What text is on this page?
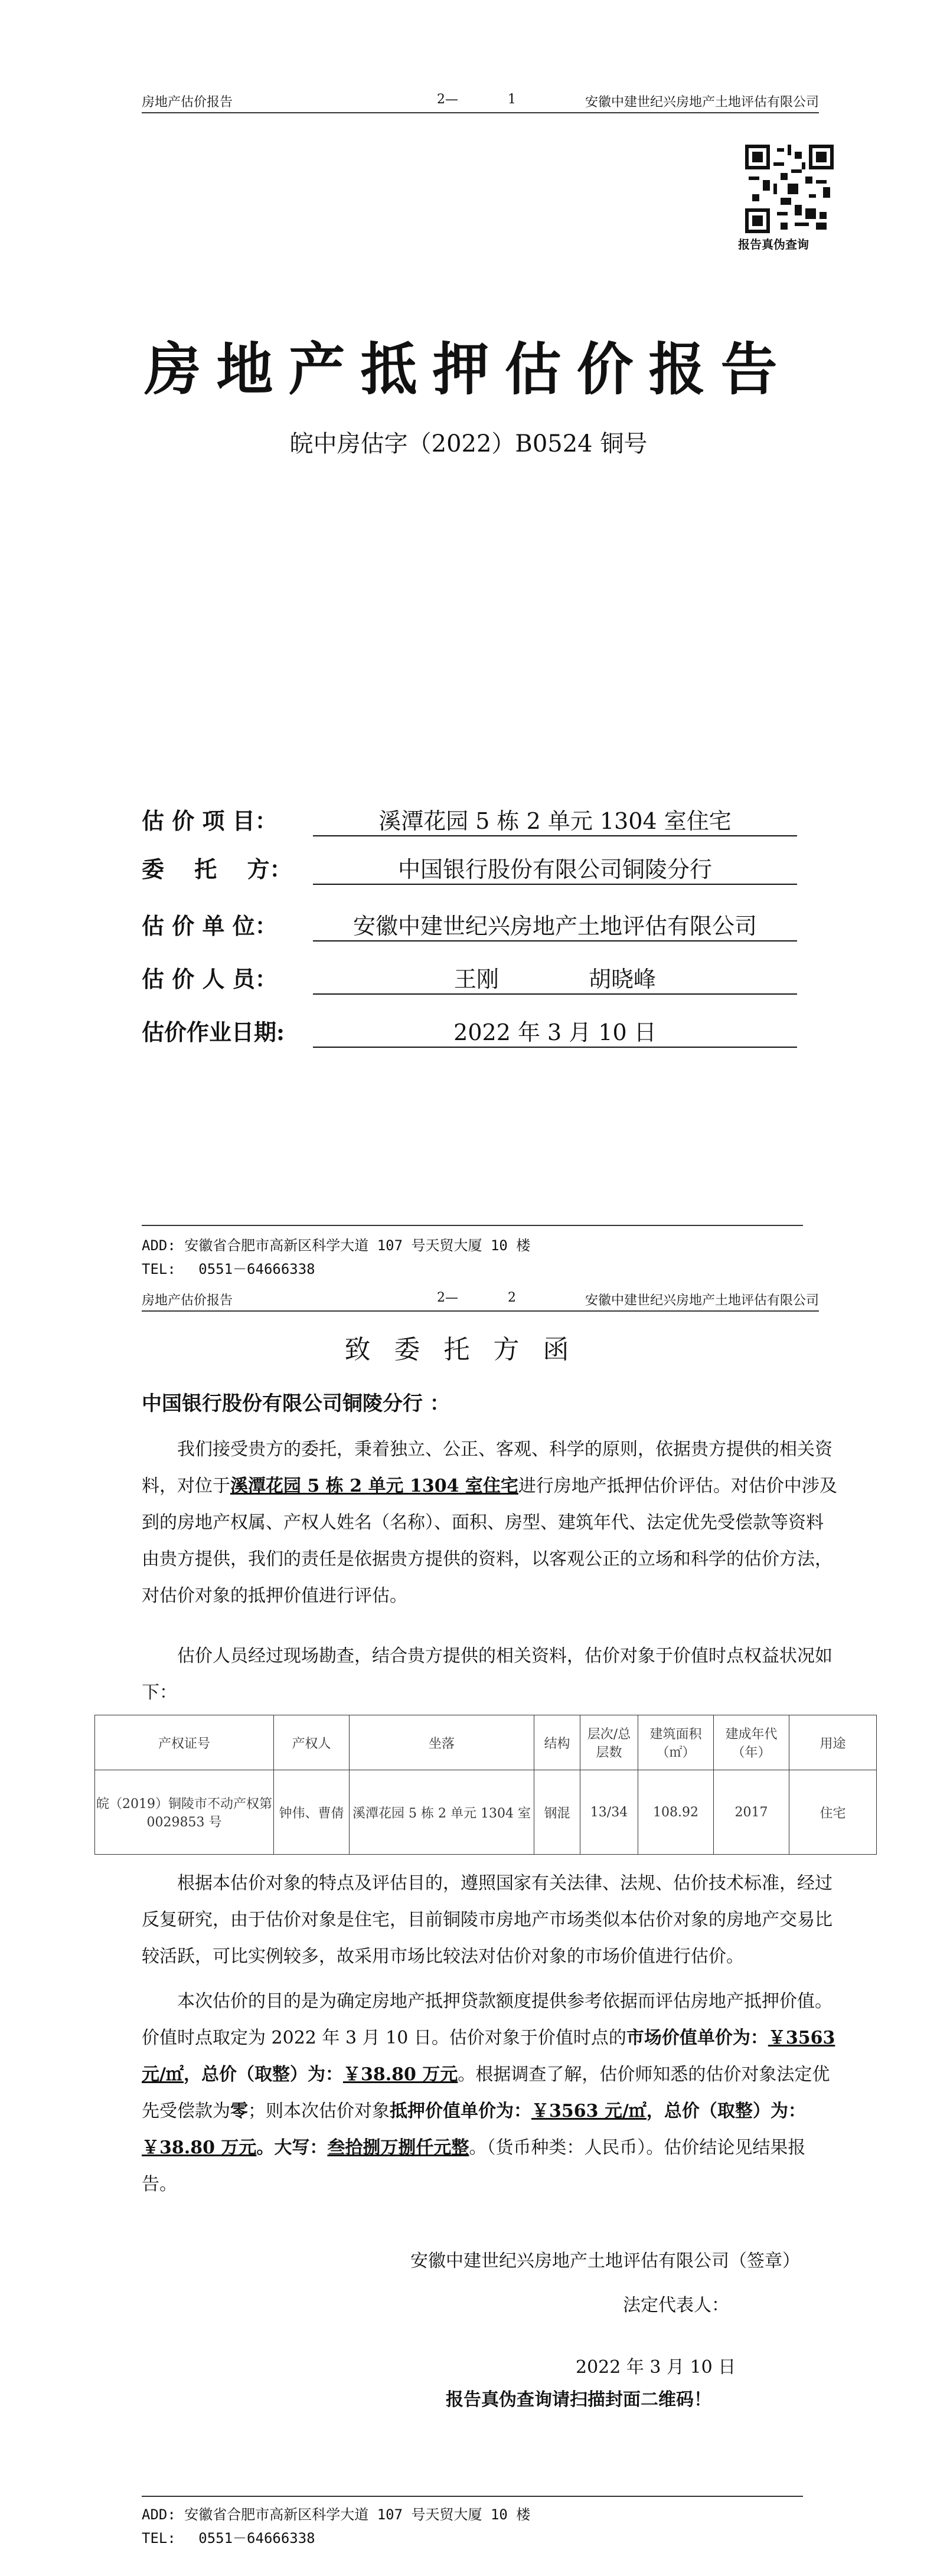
房地产估价报告	2—	1	安徽中建世纪兴房地产土地评估有限公司
报告真伪查询
房地产抵押估价报告
皖中房估字（2022）B0524 铜号
估 价 项 目：	溪潭花园 5 栋 2 单元 1304 室住宅
委　 托　 方：	中国银行股份有限公司铜陵分行
估 价 单 位：	安徽中建世纪兴房地产土地评估有限公司
估 价 人 员：	王刚　　　　胡晓峰
估价作业日期:	2022 年 3 月 10 日
ADD: 安徽省合肥市高新区科学大道 107 号天贸大厦 10 楼
TEL:　 0551－64666338
房地产估价报告	2—	2	安徽中建世纪兴房地产土地评估有限公司
致委托方函
中国银行股份有限公司铜陵分行 ：
我们接受贵方的委托，秉着独立、公正、客观、科学的原则，依据贵方提供的相关资料，对位于溪潭花园 5 栋 2 单元 1304 室住宅进行房地产抵押估价评估。对估价中涉及到的房地产权属、产权人姓名（名称）、面积、房型、建筑年代、法定优先受偿款等资料由贵方提供，我们的责任是依据贵方提供的资料，以客观公正的立场和科学的估价方法，对估价对象的抵押价值进行评估。
估价人员经过现场勘查，结合贵方提供的相关资料，估价对象于价值时点权益状况如下：
产权证号	产权人	坐落	结构	层次/总层数	建筑面积（㎡）	建成年代（年）	用途
皖（2019）铜陵市不动产权第 0029853 号	钟伟、曹倩	溪潭花园 5 栋 2 单元 1304 室	钢混	13/34	108.92	2017	住宅
根据本估价对象的特点及评估目的，遵照国家有关法律、法规、估价技术标准，经过反复研究，由于估价对象是住宅，目前铜陵市房地产市场类似本估价对象的房地产交易比较活跃，可比实例较多，故采用市场比较法对估价对象的市场价值进行估价。
本次估价的目的是为确定房地产抵押贷款额度提供参考依据而评估房地产抵押价值。价值时点取定为 2022 年 3 月 10 日。估价对象于价值时点的市场价值单价为：￥3563 元/㎡，总价（取整）为：￥38.80 万元。根据调查了解，估价师知悉的估价对象法定优先受偿款为零；则本次估价对象抵押价值单价为：￥3563 元/㎡，总价（取整）为：￥38.80 万元。大写：叁拾捌万捌仟元整。（货币种类：人民币）。估价结论见结果报告。
安徽中建世纪兴房地产土地评估有限公司（签章）
法定代表人：
2022 年 3 月 10 日
报告真伪查询请扫描封面二维码！
ADD: 安徽省合肥市高新区科学大道 107 号天贸大厦 10 楼
TEL:　 0551－64666338
